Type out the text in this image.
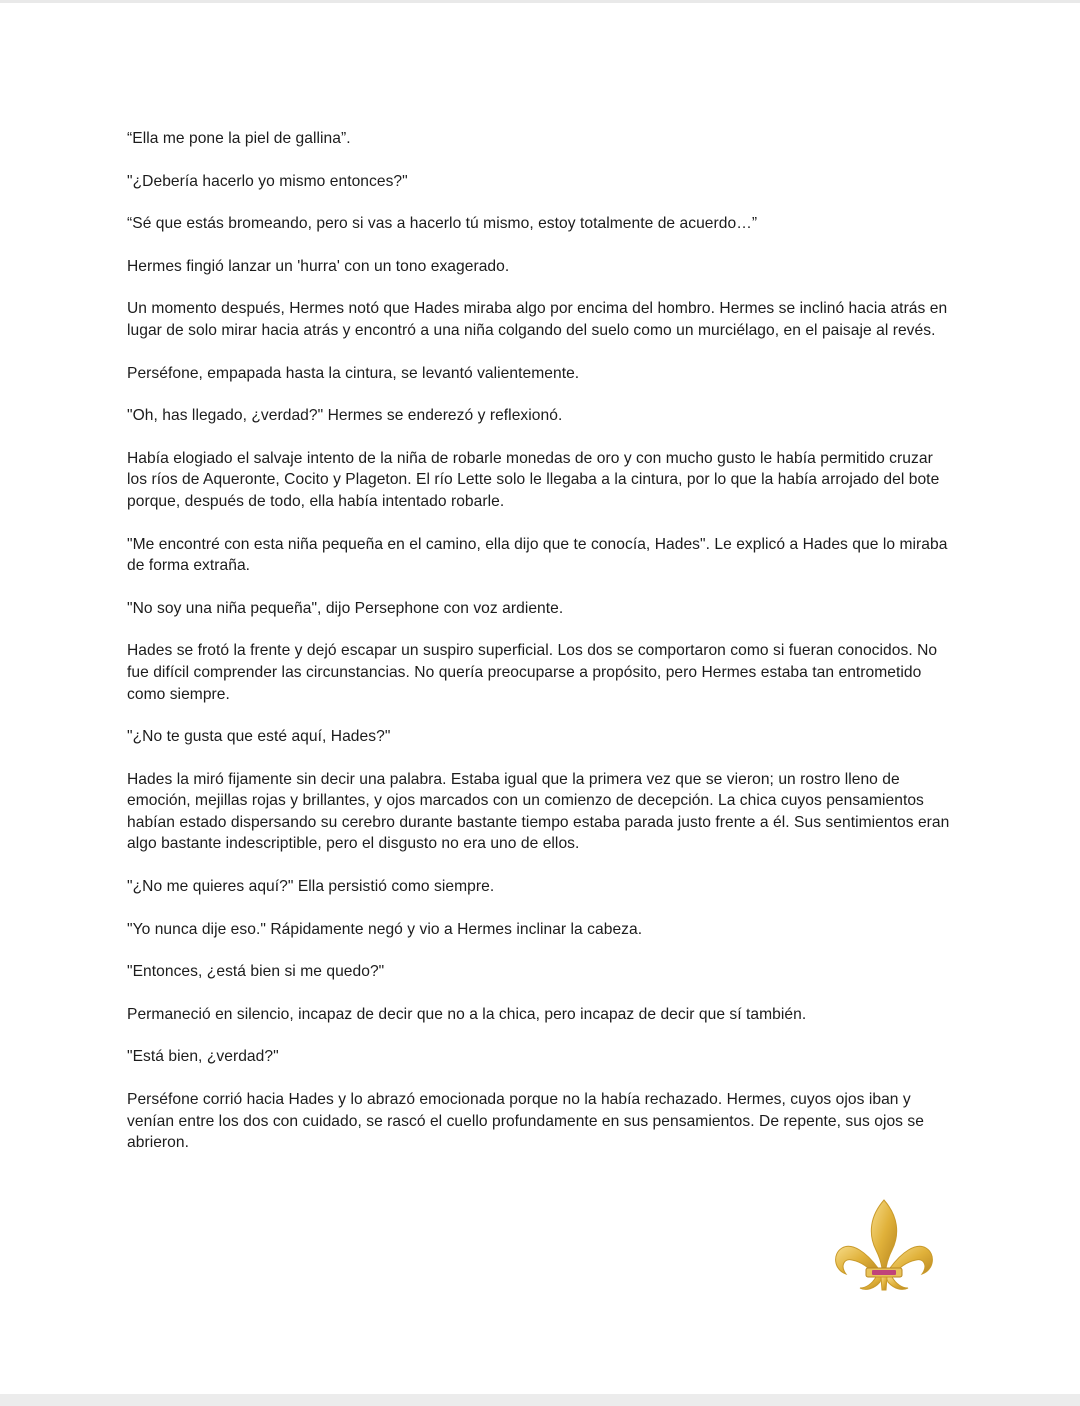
“Ella me pone la piel de gallina”.

"¿Debería hacerlo yo mismo entonces?"

“Sé que estás bromeando, pero si vas a hacerlo tú mismo, estoy totalmente de acuerdo…”

Hermes fingió lanzar un 'hurra' con un tono exagerado.

Un momento después, Hermes notó que Hades miraba algo por encima del hombro. Hermes se inclinó hacia atrás en lugar de solo mirar hacia atrás y encontró a una niña colgando del suelo como un murciélago, en el paisaje al revés.

Perséfone, empapada hasta la cintura, se levantó valientemente.

"Oh, has llegado, ¿verdad?" Hermes se enderezó y reflexionó.

Había elogiado el salvaje intento de la niña de robarle monedas de oro y con mucho gusto le había permitido cruzar los ríos de Aqueronte, Cocito y Plageton. El río Lette solo le llegaba a la cintura, por lo que la había arrojado del bote porque, después de todo, ella había intentado robarle.

"Me encontré con esta niña pequeña en el camino, ella dijo que te conocía, Hades". Le explicó a Hades que lo miraba de forma extraña.

"No soy una niña pequeña", dijo Persephone con voz ardiente.

Hades se frotó la frente y dejó escapar un suspiro superficial. Los dos se comportaron como si fueran conocidos. No fue difícil comprender las circunstancias. No quería preocuparse a propósito, pero Hermes estaba tan entrometido como siempre.

"¿No te gusta que esté aquí, Hades?"

Hades la miró fijamente sin decir una palabra. Estaba igual que la primera vez que se vieron; un rostro lleno de emoción, mejillas rojas y brillantes, y ojos marcados con un comienzo de decepción. La chica cuyos pensamientos habían estado dispersando su cerebro durante bastante tiempo estaba parada justo frente a él. Sus sentimientos eran algo bastante indescriptible, pero el disgusto no era uno de ellos.

"¿No me quieres aquí?" Ella persistió como siempre.

"Yo nunca dije eso." Rápidamente negó y vio a Hermes inclinar la cabeza.

"Entonces, ¿está bien si me quedo?"

Permaneció en silencio, incapaz de decir que no a la chica, pero incapaz de decir que sí también.

"Está bien, ¿verdad?"

Perséfone corrió hacia Hades y lo abrazó emocionada porque no la había rechazado. Hermes, cuyos ojos iban y venían entre los dos con cuidado, se rascó el cuello profundamente en sus pensamientos. De repente, sus ojos se abrieron.
